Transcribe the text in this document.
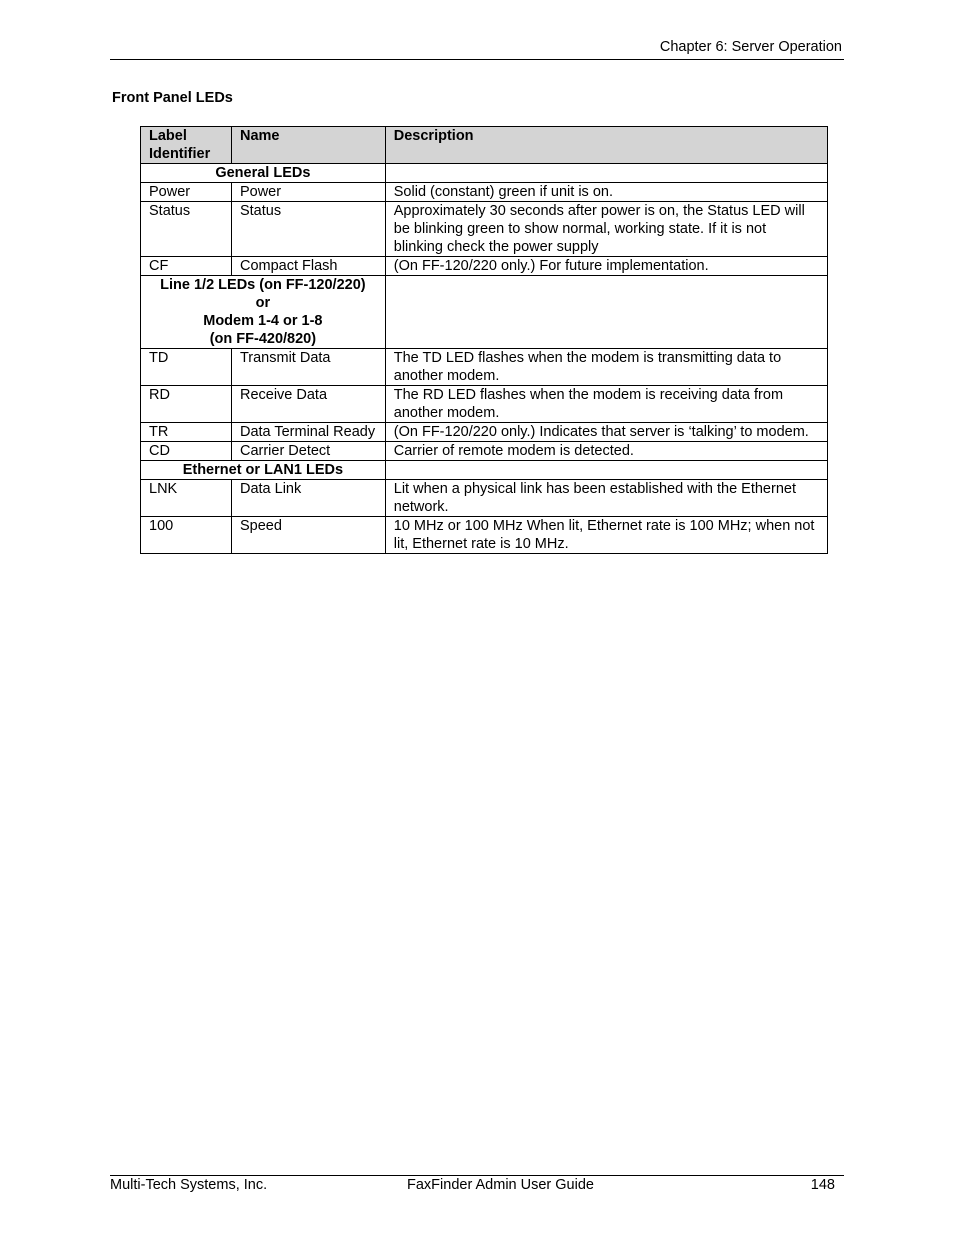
Chapter 6: Server Operation
Front Panel LEDs
Label Identifier	Name	Description

General LEDs		

Power	Power	Solid (constant) green if unit is on.
Status	Status	Approximately 30 seconds after power is on, the Status LED will be blinking green to show normal, working state. If it is not blinking check the power supply
CF	Compact Flash	(On FF-120/220 only.) For future implementation.

Line 1/2 LEDs (on FF-120/220)
or
Modem 1-4 or 1-8
(on FF-420/820)		

TD	Transmit Data	The TD LED flashes when the modem is transmitting data to another modem.
RD	Receive Data	The RD LED flashes when the modem is receiving data from another modem.
TR	Data Terminal Ready	(On FF-120/220 only.) Indicates that server is ‘talking’ to modem.
CD	Carrier Detect	Carrier of remote modem is detected.

Ethernet or LAN1 LEDs		

LNK	Data Link	Lit when a physical link has been established with the Ethernet network.
100	Speed	10 MHz or 100 MHz When lit, Ethernet rate is 100 MHz; when not lit, Ethernet rate is 10 MHz.
Multi-Tech Systems, Inc.	FaxFinder Admin User Guide	148
